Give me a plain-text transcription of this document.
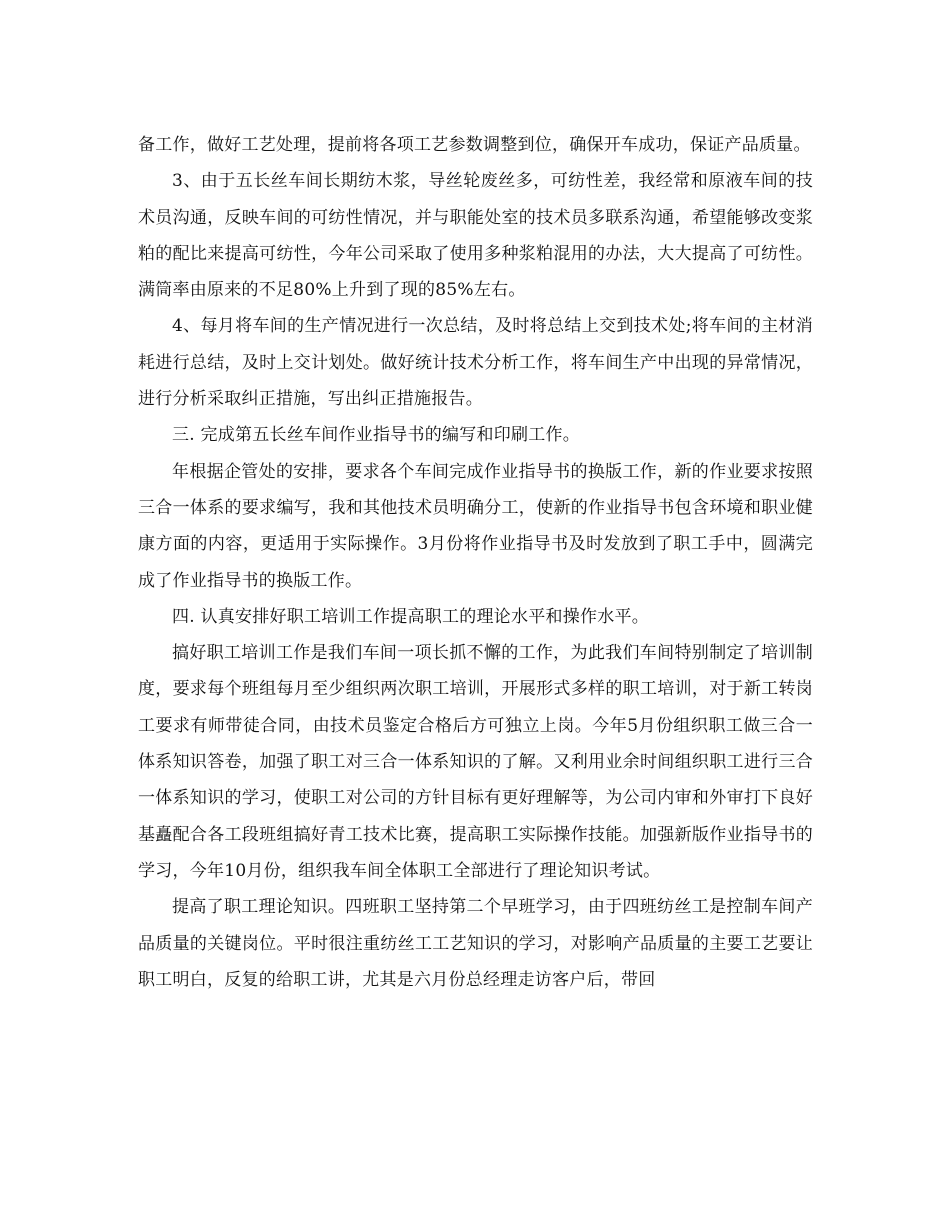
备工作，做好工艺处理，提前将各项工艺参数调整到位，确保开车成功，保证产品质量。

3、由于五长丝车间长期纺木浆，导丝轮废丝多，可纺性差，我经常和原液车间的技术员沟通，反映车间的可纺性情况，并与职能处室的技术员多联系沟通，希望能够改变浆粕的配比来提高可纺性，今年公司采取了使用多种浆粕混用的办法，大大提高了可纺性。满筒率由原来的不足80%上升到了现的85%左右。

4、每月将车间的生产情况进行一次总结，及时将总结上交到技术处;将车间的主材消耗进行总结，及时上交计划处。做好统计技术分析工作，将车间生产中出现的异常情况，进行分析采取纠正措施，写出纠正措施报告。

三. 完成第五长丝车间作业指导书的编写和印刷工作。

年根据企管处的安排，要求各个车间完成作业指导书的换版工作，新的作业要求按照三合一体系的要求编写，我和其他技术员明确分工，使新的作业指导书包含环境和职业健康方面的内容，更适用于实际操作。3月份将作业指导书及时发放到了职工手中，圆满完成了作业指导书的换版工作。

四. 认真安排好职工培训工作提高职工的理论水平和操作水平。

搞好职工培训工作是我们车间一项长抓不懈的工作，为此我们车间特别制定了培训制度，要求每个班组每月至少组织两次职工培训，开展形式多样的职工培训，对于新工转岗工要求有师带徒合同，由技术员鉴定合格后方可独立上岗。今年5月份组织职工做三合一体系知识答卷，加强了职工对三合一体系知识的了解。又利用业余时间组织职工进行三合一体系知识的学习，使职工对公司的方针目标有更好理解等，为公司内审和外审打下良好基矗配合各工段班组搞好青工技术比赛，提高职工实际操作技能。加强新版作业指导书的学习，今年10月份，组织我车间全体职工全部进行了理论知识考试。

提高了职工理论知识。四班职工坚持第二个早班学习，由于四班纺丝工是控制车间产品质量的关键岗位。平时很注重纺丝工工艺知识的学习，对影响产品质量的主要工艺要让职工明白，反复的给职工讲，尤其是六月份总经理走访客户后，带回
